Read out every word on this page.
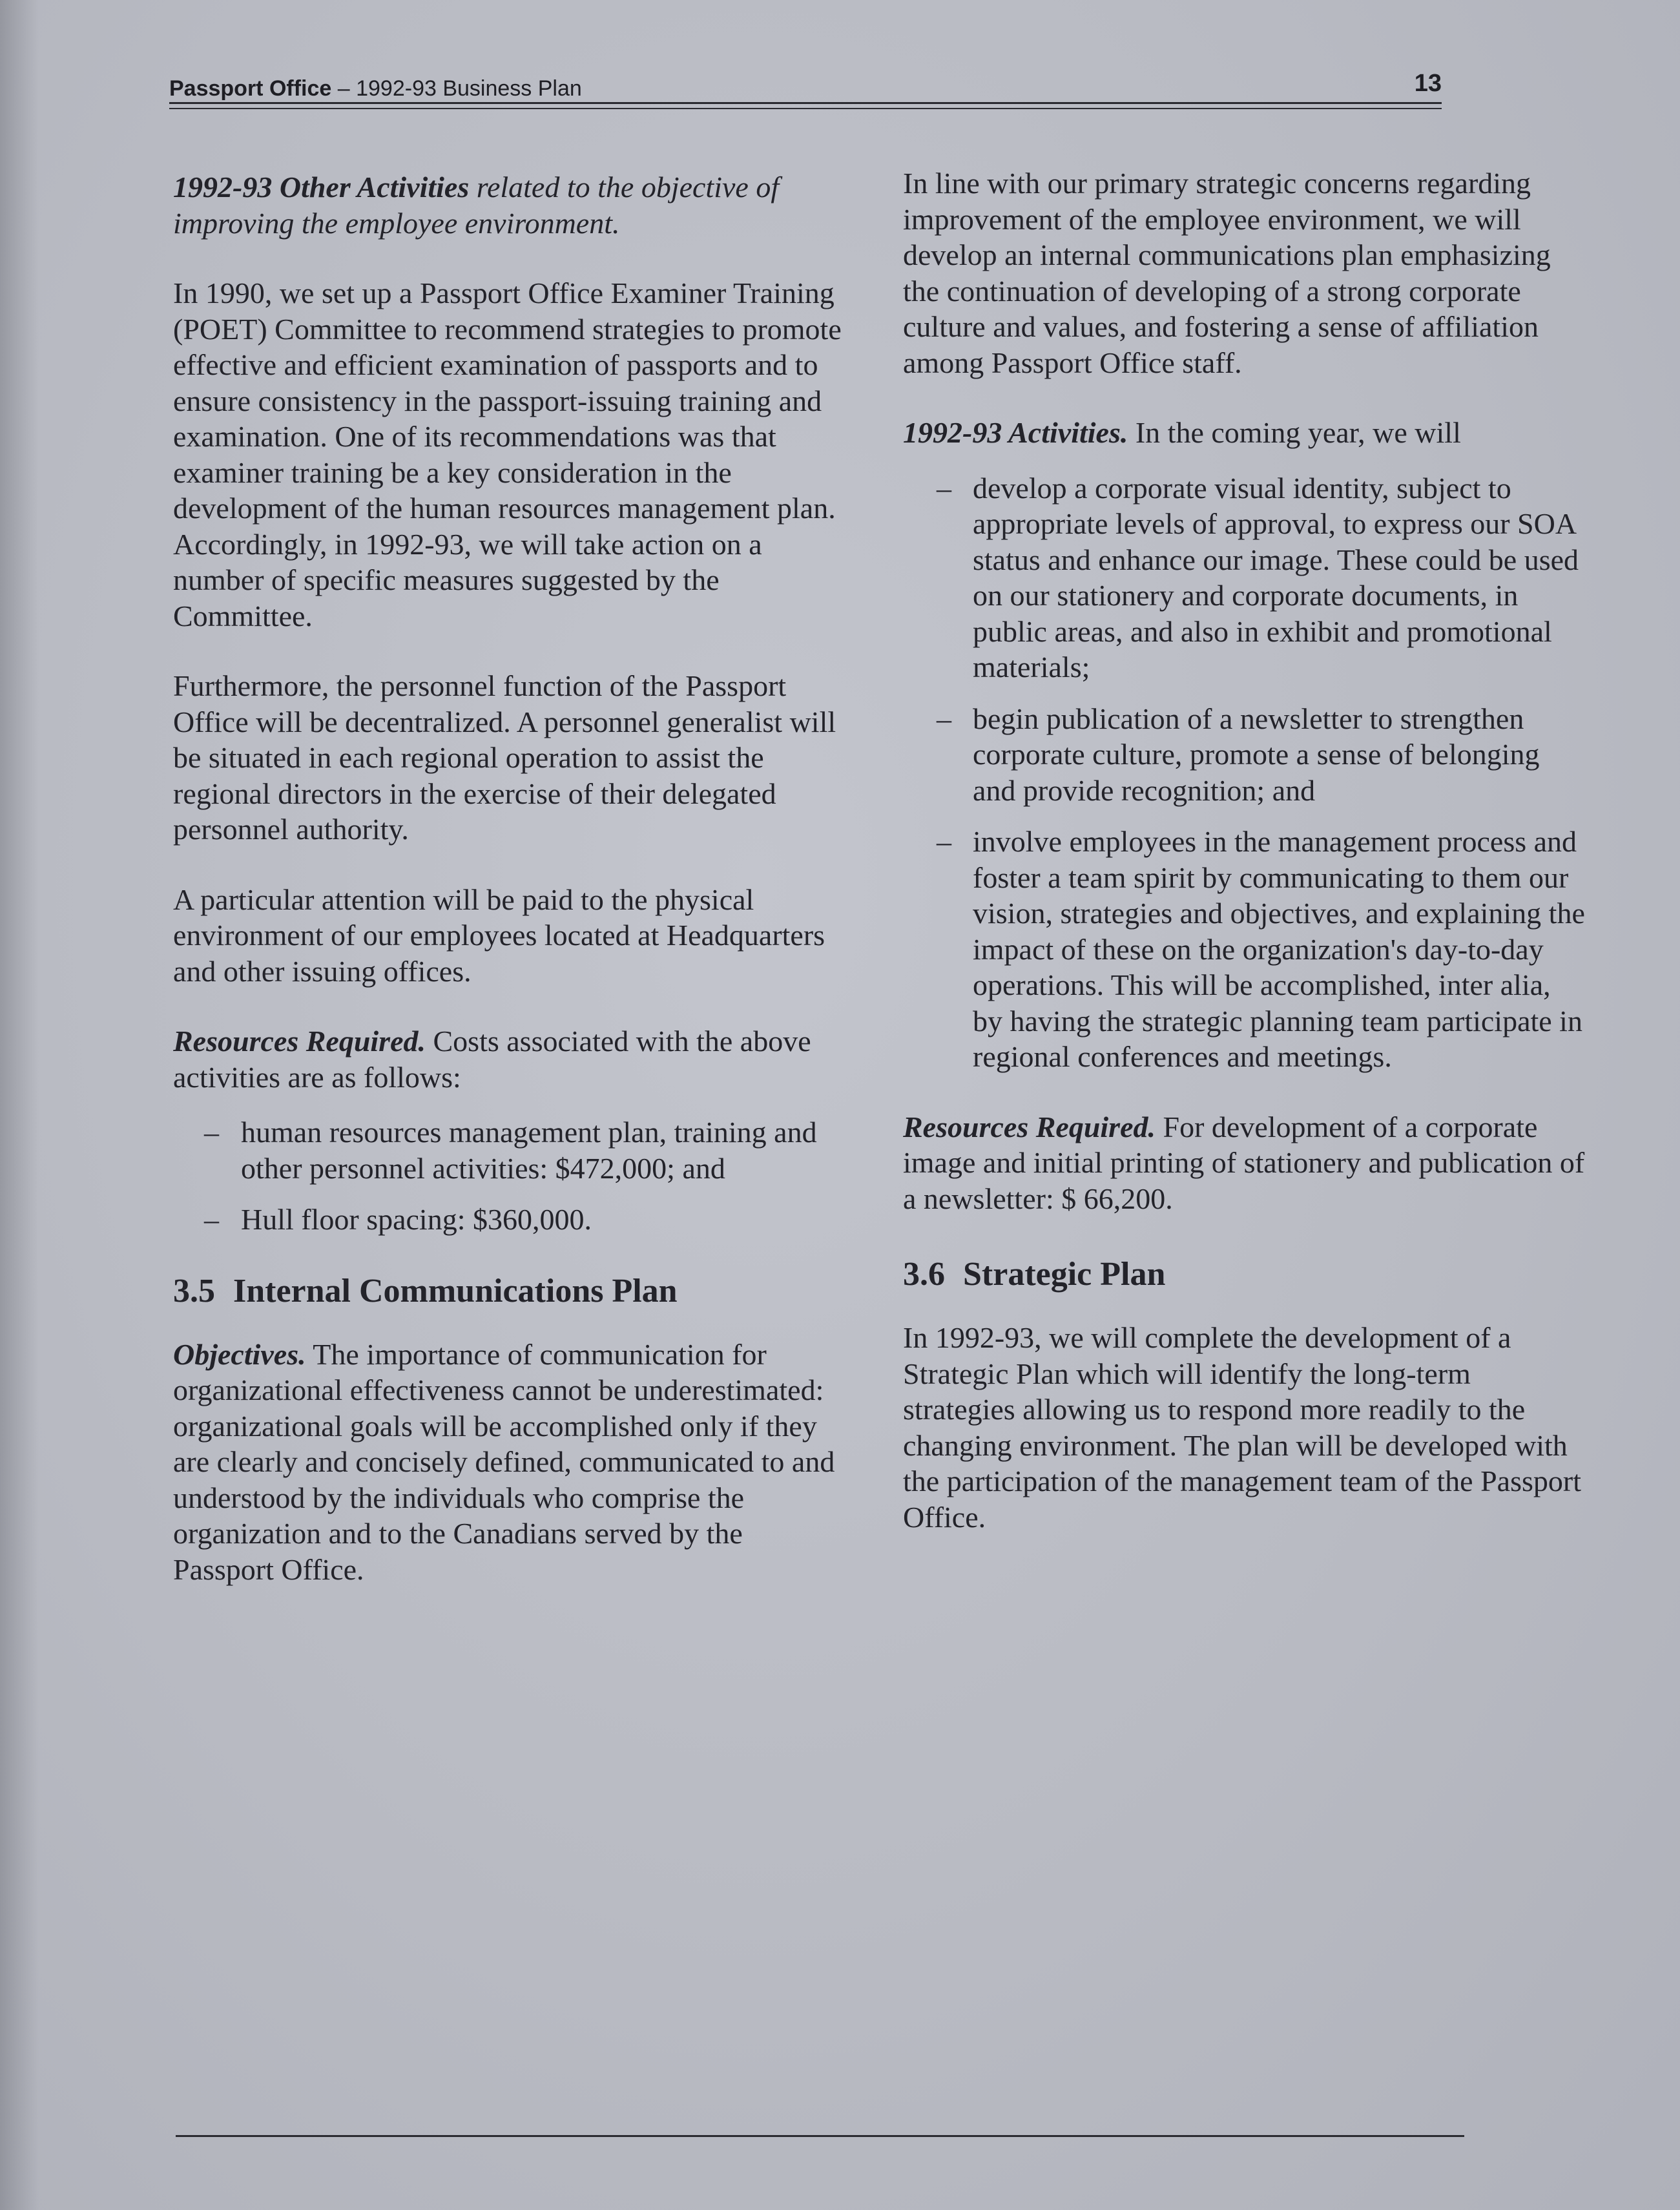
Passport Office – 1992-93 Business Plan	13

1992-93 Other Activities related to the objective of improving the employee environment.

In 1990, we set up a Passport Office Examiner Training (POET) Committee to recommend strategies to promote effective and efficient examination of passports and to ensure consistency in the passport-issuing training and examination. One of its recommendations was that examiner training be a key consideration in the development of the human resources management plan. Accordingly, in 1992-93, we will take action on a number of specific measures suggested by the Committee.

Furthermore, the personnel function of the Passport Office will be decentralized. A personnel generalist will be situated in each regional operation to assist the regional directors in the exercise of their delegated personnel authority.

A particular attention will be paid to the physical environment of our employees located at Headquarters and other issuing offices.

Resources Required. Costs associated with the above activities are as follows:

– human resources management plan, training and other personnel activities: $472,000; and
– Hull floor spacing: $360,000.
3.5 Internal Communications Plan

Objectives. The importance of communication for organizational effectiveness cannot be underestimated: organizational goals will be accomplished only if they are clearly and concisely defined, communicated to and understood by the individuals who comprise the organization and to the Canadians served by the Passport Office.

In line with our primary strategic concerns regarding improvement of the employee environment, we will develop an internal communications plan emphasizing the continuation of developing of a strong corporate culture and values, and fostering a sense of affiliation among Passport Office staff.

1992-93 Activities. In the coming year, we will

– develop a corporate visual identity, subject to appropriate levels of approval, to express our SOA status and enhance our image. These could be used on our stationery and corporate documents, in public areas, and also in exhibit and promotional materials;
– begin publication of a newsletter to strengthen corporate culture, promote a sense of belonging and provide recognition; and
– involve employees in the management process and foster a team spirit by communicating to them our vision, strategies and objectives, and explaining the impact of these on the organization's day-to-day operations. This will be accomplished, inter alia, by having the strategic planning team participate in regional conferences and meetings.

Resources Required. For development of a corporate image and initial printing of stationery and publication of a newsletter: $ 66,200.

3.6 Strategic Plan

In 1992-93, we will complete the development of a Strategic Plan which will identify the long-term strategies allowing us to respond more readily to the changing environment. The plan will be developed with the participation of the management team of the Passport Office.
